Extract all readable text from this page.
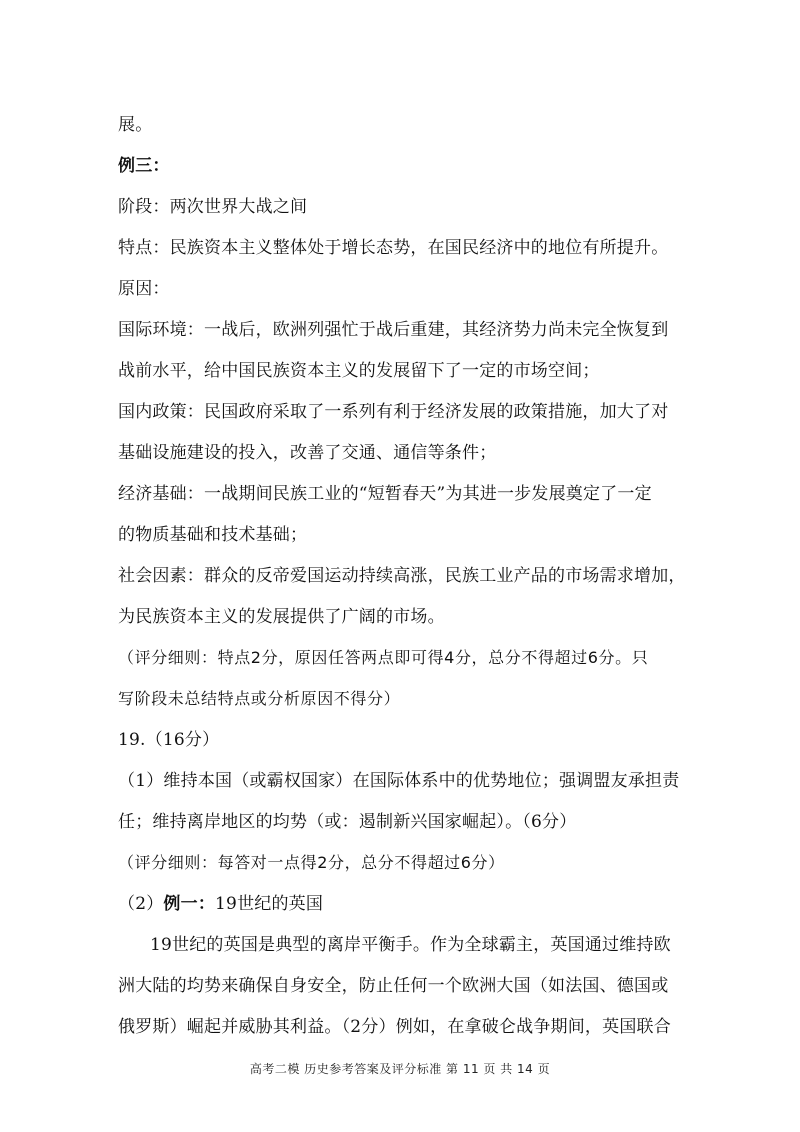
展。
例三：
阶段：两次世界大战之间
特点：民族资本主义整体处于增长态势，在国民经济中的地位有所提升。
原因：
国际环境：一战后，欧洲列强忙于战后重建，其经济势力尚未完全恢复到
战前水平，给中国民族资本主义的发展留下了一定的市场空间；
国内政策：民国政府采取了一系列有利于经济发展的政策措施，加大了对
基础设施建设的投入，改善了交通、通信等条件；
经济基础：一战期间民族工业的“短暂春天”为其进一步发展奠定了一定
的物质基础和技术基础；
社会因素：群众的反帝爱国运动持续高涨，民族工业产品的市场需求增加，
为民族资本主义的发展提供了广阔的市场。
（评分细则：特点2分，原因任答两点即可得4分，总分不得超过6分。只
写阶段未总结特点或分析原因不得分）
19.（16分）
（1）维持本国（或霸权国家）在国际体系中的优势地位；强调盟友承担责
任；维持离岸地区的均势（或：遏制新兴国家崛起）。（6分）
（评分细则：每答对一点得2分，总分不得超过6分）
（2）例一：19世纪的英国
19世纪的英国是典型的离岸平衡手。作为全球霸主，英国通过维持欧
高考二模 历史参考答案及评分标准 第 11 页 共 14 页
洲大陆的均势来确保自身安全，防止任何一个欧洲大国（如法国、德国或
俄罗斯）崛起并威胁其利益。（2分）例如，在拿破仑战争期间，英国联合
